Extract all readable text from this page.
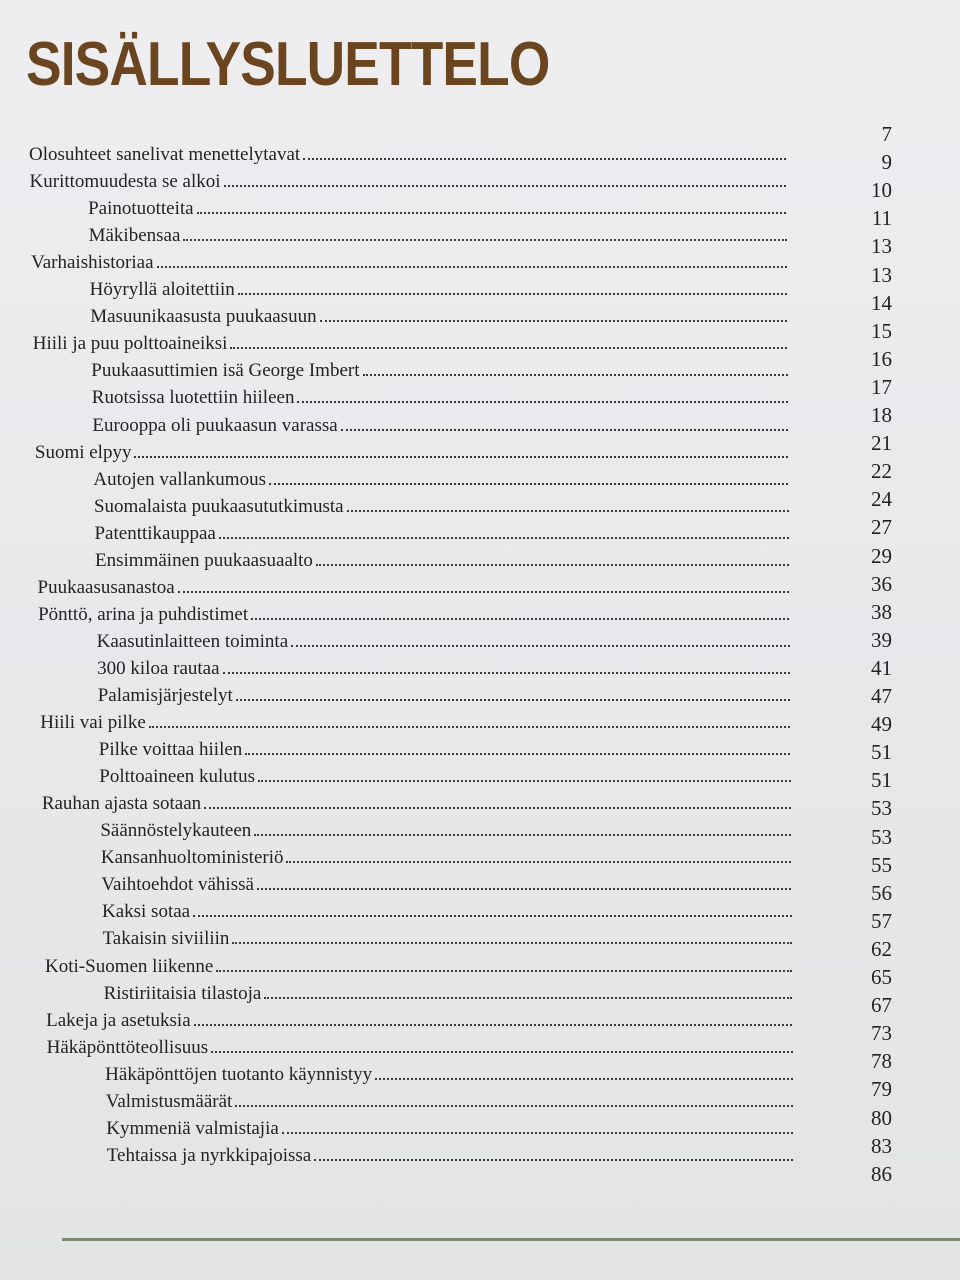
SISÄLLYSLUETTELO
Olosuhteet sanelivat menettelytavat
Kurittomuudesta se alkoi
Painotuotteita
Mäkibensaa
Varhaishistoriaa
Höyryllä aloitettiin
Masuunikaasusta puukaasuun
Hiili ja puu polttoaineiksi
Puukaasuttimien isä George Imbert
Ruotsissa luotettiin hiileen
Eurooppa oli puukaasun varassa
Suomi elpyy
Autojen vallankumous
Suomalaista puukaasututkimusta
Patenttikauppaa
Ensimmäinen puukaasuaalto
Puukaasusanastoa
Pönttö, arina ja puhdistimet
Kaasutinlaitteen toiminta
300 kiloa rautaa
Palamisjärjestelyt
Hiili vai pilke
Pilke voittaa hiilen
Polttoaineen kulutus
Rauhan ajasta sotaan
Säännöstelykauteen
Kansanhuoltoministeriö
Vaihtoehdot vähissä
Kaksi sotaa
Takaisin siviiliin
Koti-Suomen liikenne
Ristiriitaisia tilastoja
Lakeja ja asetuksia
Häkäpönttöteollisuus
Häkäpönttöjen tuotanto käynnistyy
Valmistusmäärät
Kymmeniä valmistajia
Tehtaissa ja nyrkkipajoissa
7
9
10
11
13
13
14
15
16
17
18
21
22
24
27
29
36
38
39
41
47
49
51
51
53
53
55
56
57
62
65
67
73
78
79
80
83
86
